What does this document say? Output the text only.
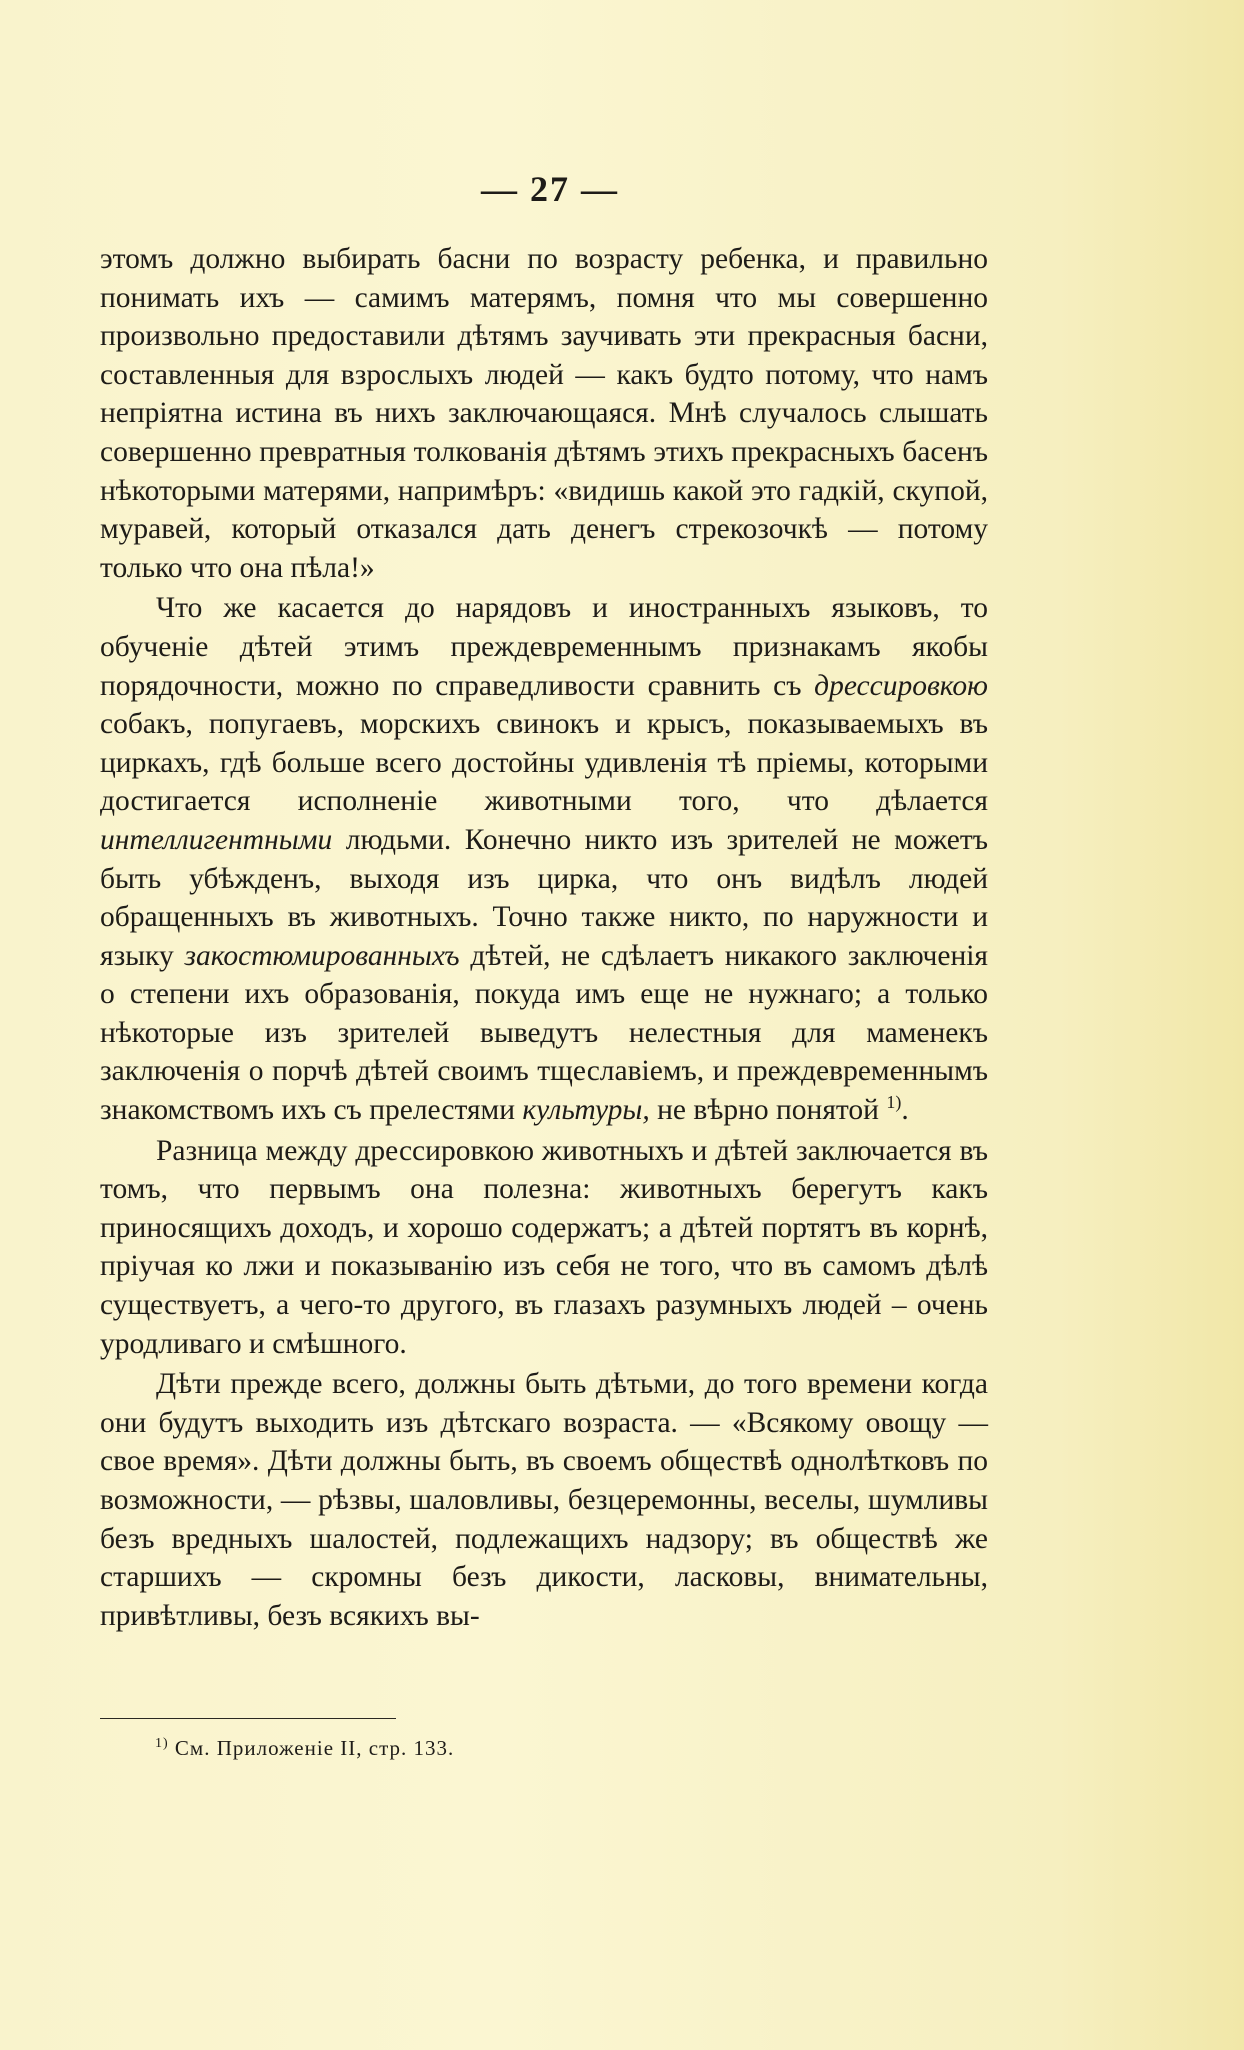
— 27 —

этомъ должно выбирать басни по возрасту ребенка, и правильно понимать ихъ — самимъ матерямъ, помня что мы совершенно произвольно предоставили дѣтямъ заучивать эти прекрасныя басни, составленныя для взрослыхъ людей — какъ будто потому, что намъ непріятна истина въ нихъ заключающаяся. Мнѣ случалось слышать совершенно превратныя толкованія дѣтямъ этихъ прекрасныхъ басенъ нѣкоторыми матерями, напримѣръ: «видишь какой это гадкій, скупой, муравей, который отказался дать денегъ стрекозочкѣ — потому только что она пѣла!»

Что же касается до нарядовъ и иностранныхъ языковъ, то обученіе дѣтей этимъ преждевременнымъ признакамъ якобы порядочности, можно по справедливости сравнить съ дрессировкою собакъ, попугаевъ, морскихъ свинокъ и крысъ, показываемыхъ въ циркахъ, гдѣ больше всего достойны удивленія тѣ пріемы, которыми достигается исполненіе животными того, что дѣлается интеллигентными людьми. Конечно никто изъ зрителей не можетъ быть убѣжденъ, выходя изъ цирка, что онъ видѣлъ людей обращенныхъ въ животныхъ. Точно также никто, по наружности и языку закостюмированныхъ дѣтей, не сдѣлаетъ никакого заключенія о степени ихъ образованія, покуда имъ еще не нужнаго; а только нѣкоторые изъ зрителей выведутъ нелестныя для маменекъ заключенія о порчѣ дѣтей своимъ тщеславіемъ, и преждевременнымъ знакомствомъ ихъ съ прелестями культуры, не вѣрно понятой $^{1)}$.

Разница между дрессировкою животныхъ и дѣтей заключается въ томъ, что первымъ она полезна: животныхъ берегутъ какъ приносящихъ доходъ, и хорошо содержатъ; а дѣтей портятъ въ корнѣ, пріучая ко лжи и показыванію изъ себя не того, что въ самомъ дѣлѣ существуетъ, а чего-то другого, въ глазахъ разумныхъ людей – очень уродливаго и смѣшного.

Дѣти прежде всего, должны быть дѣтьми, до того времени когда они будутъ выходить изъ дѣтскаго возраста. — «Всякому овощу — свое время». Дѣти должны быть, въ своемъ обществѣ однолѣтковъ по возможности, — рѣзвы, шаловливы, безцеремонны, веселы, шумливы безъ вредныхъ шалостей, подлежащихъ надзору; въ обществѣ же старшихъ — скромны безъ дикости, ласковы, внимательны, привѣтливы, безъ всякихъ вы-

$^{1)}$ См. Приложеніе II, стр. 133.
